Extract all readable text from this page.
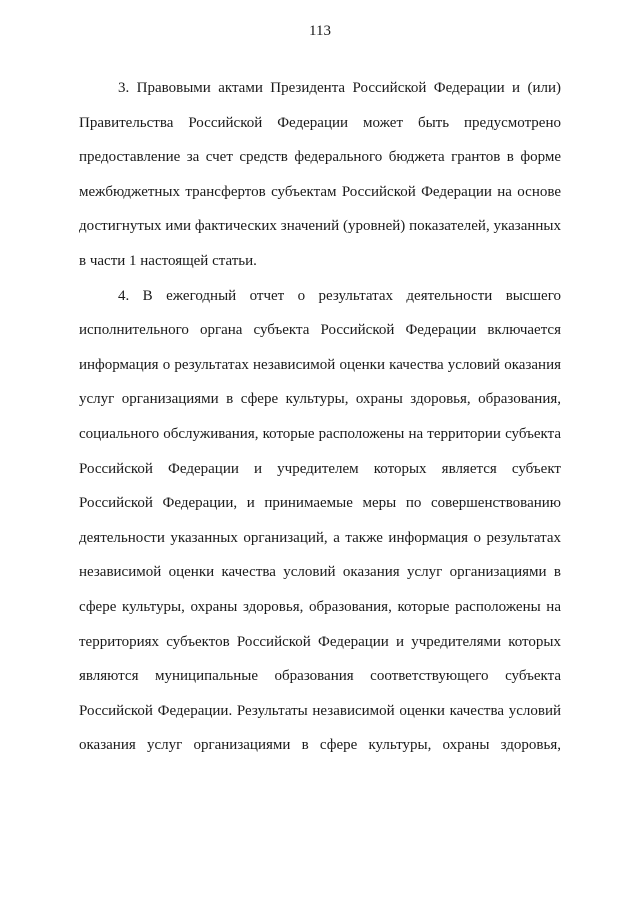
113
3. Правовыми актами Президента Российской Федерации и (или)
Правительства Российской Федерации может быть предусмотрено
предоставление за счет средств федерального бюджета грантов в форме
межбюджетных трансфертов субъектам Российской Федерации на основе
достигнутых ими фактических значений (уровней) показателей, указанных
в части 1 настоящей статьи.
4. В ежегодный отчет о результатах деятельности высшего
исполнительного органа субъекта Российской Федерации включается
информация о результатах независимой оценки качества условий оказания
услуг организациями в сфере культуры, охраны здоровья, образования,
социального обслуживания, которые расположены на территории субъекта
Российской Федерации и учредителем которых является субъект
Российской Федерации, и принимаемые меры по совершенствованию
деятельности указанных организаций, а также информация о результатах
независимой оценки качества условий оказания услуг организациями в
сфере культуры, охраны здоровья, образования, которые расположены на
территориях субъектов Российской Федерации и учредителями которых
являются муниципальные образования соответствующего субъекта
Российской Федерации. Результаты независимой оценки качества условий
оказания услуг организациями в сфере культуры, охраны здоровья,
